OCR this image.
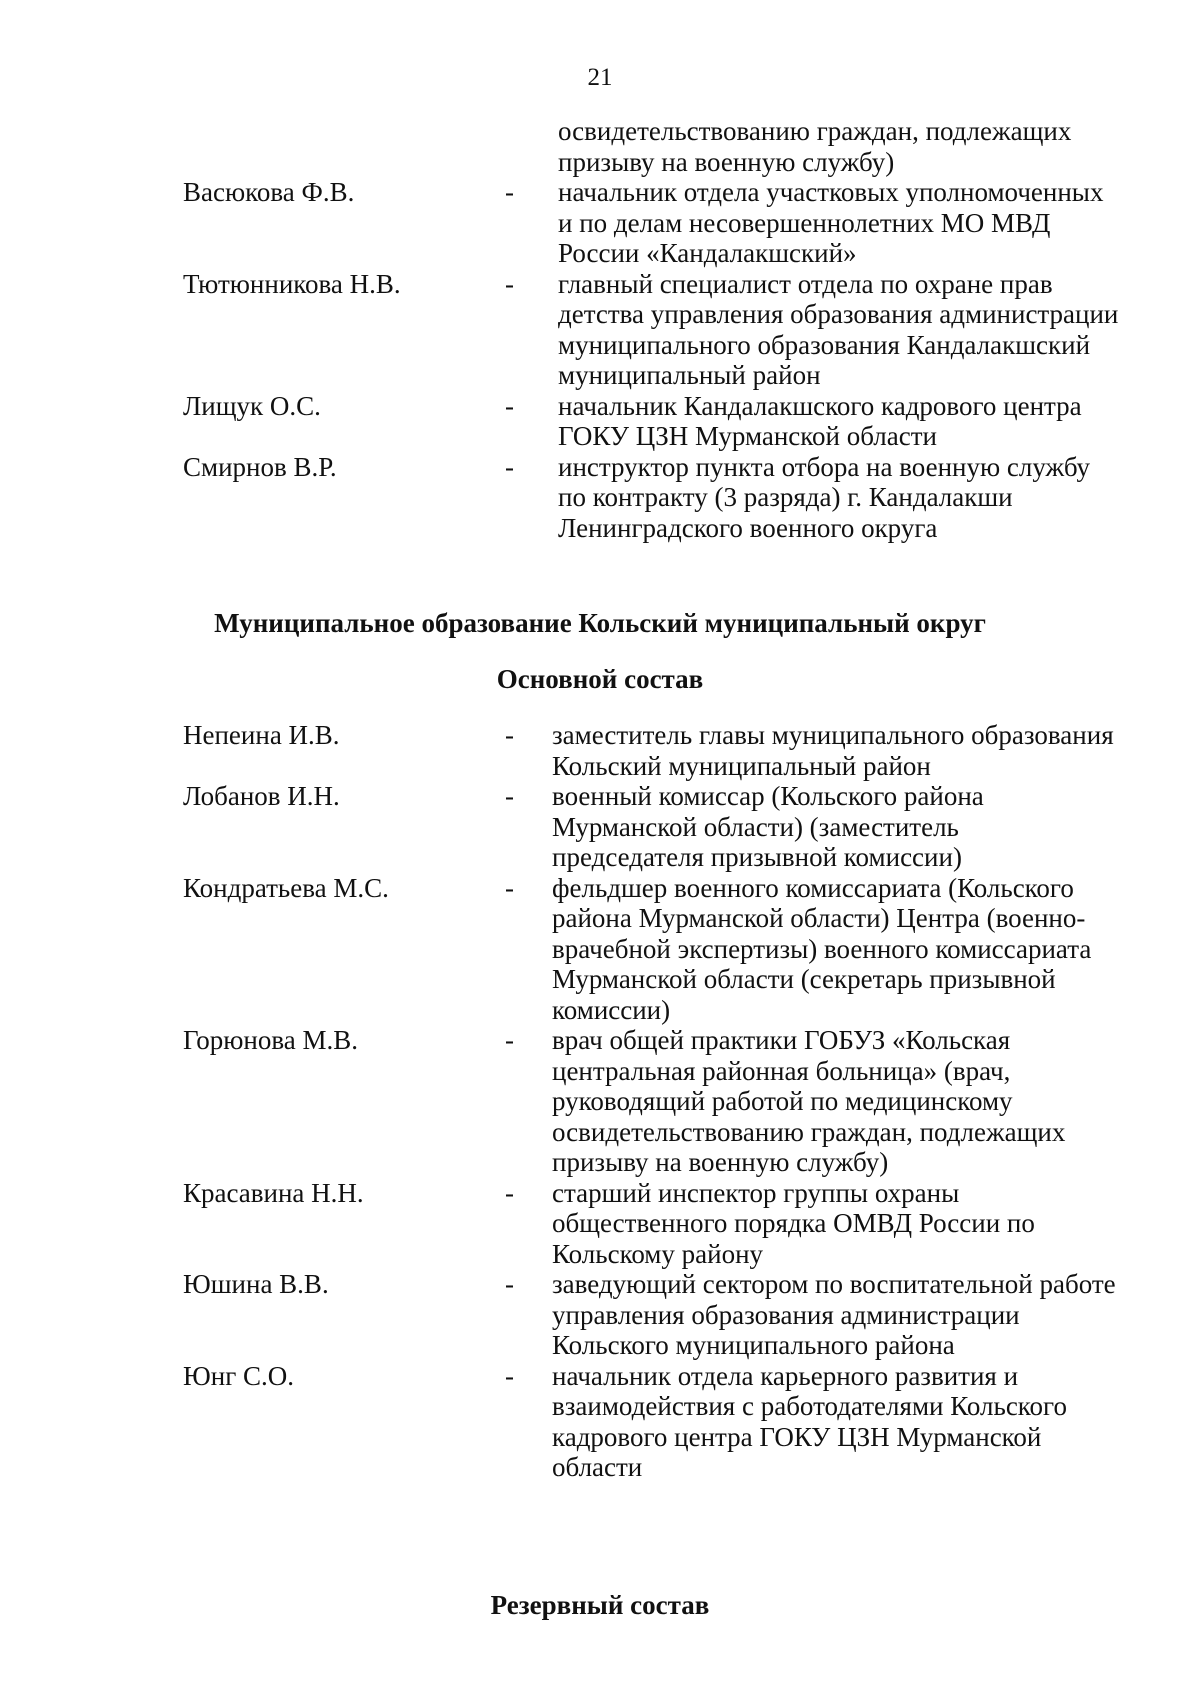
21
освидетельствованию граждан, подлежащих
призыву на военную службу)
Васюкова Ф.В.	- начальник отдела участковых уполномоченных
и по делам несовершеннолетних МО МВД
России «Кандалакшский»
Тютюнникова Н.В.	- главный специалист отдела по охране прав
детства управления образования администрации
муниципального образования Кандалакшский
муниципальный район
Лищук О.С.	- начальник Кандалакшского кадрового центра
ГОКУ ЦЗН Мурманской области
Смирнов В.Р.	- инструктор пункта отбора на военную службу
по контракту (3 разряда) г. Кандалакши
Ленинградского военного округа
Муниципальное образование Кольский муниципальный округ
Основной состав
Непеина И.В.	- заместитель главы муниципального образования
Кольский муниципальный район
Лобанов И.Н.	- военный комиссар (Кольского района
Мурманской области) (заместитель
председателя призывной комиссии)
Кондратьева М.С.	- фельдшер военного комиссариата (Кольского
района Мурманской области) Центра (военно-
врачебной экспертизы) военного комиссариата
Мурманской области (секретарь призывной
комиссии)
Горюнова М.В.	- врач общей практики ГОБУЗ «Кольская
центральная районная больница» (врач,
руководящий работой по медицинскому
освидетельствованию граждан, подлежащих
призыву на военную службу)
Красавина Н.Н.	- старший инспектор группы охраны
общественного порядка ОМВД России по
Кольскому району
Юшина В.В.	- заведующий сектором по воспитательной работе
управления образования администрации
Кольского муниципального района
Юнг С.О.	- начальник отдела карьерного развития и
взаимодействия с работодателями Кольского
кадрового центра ГОКУ ЦЗН Мурманской
области
Резервный состав
